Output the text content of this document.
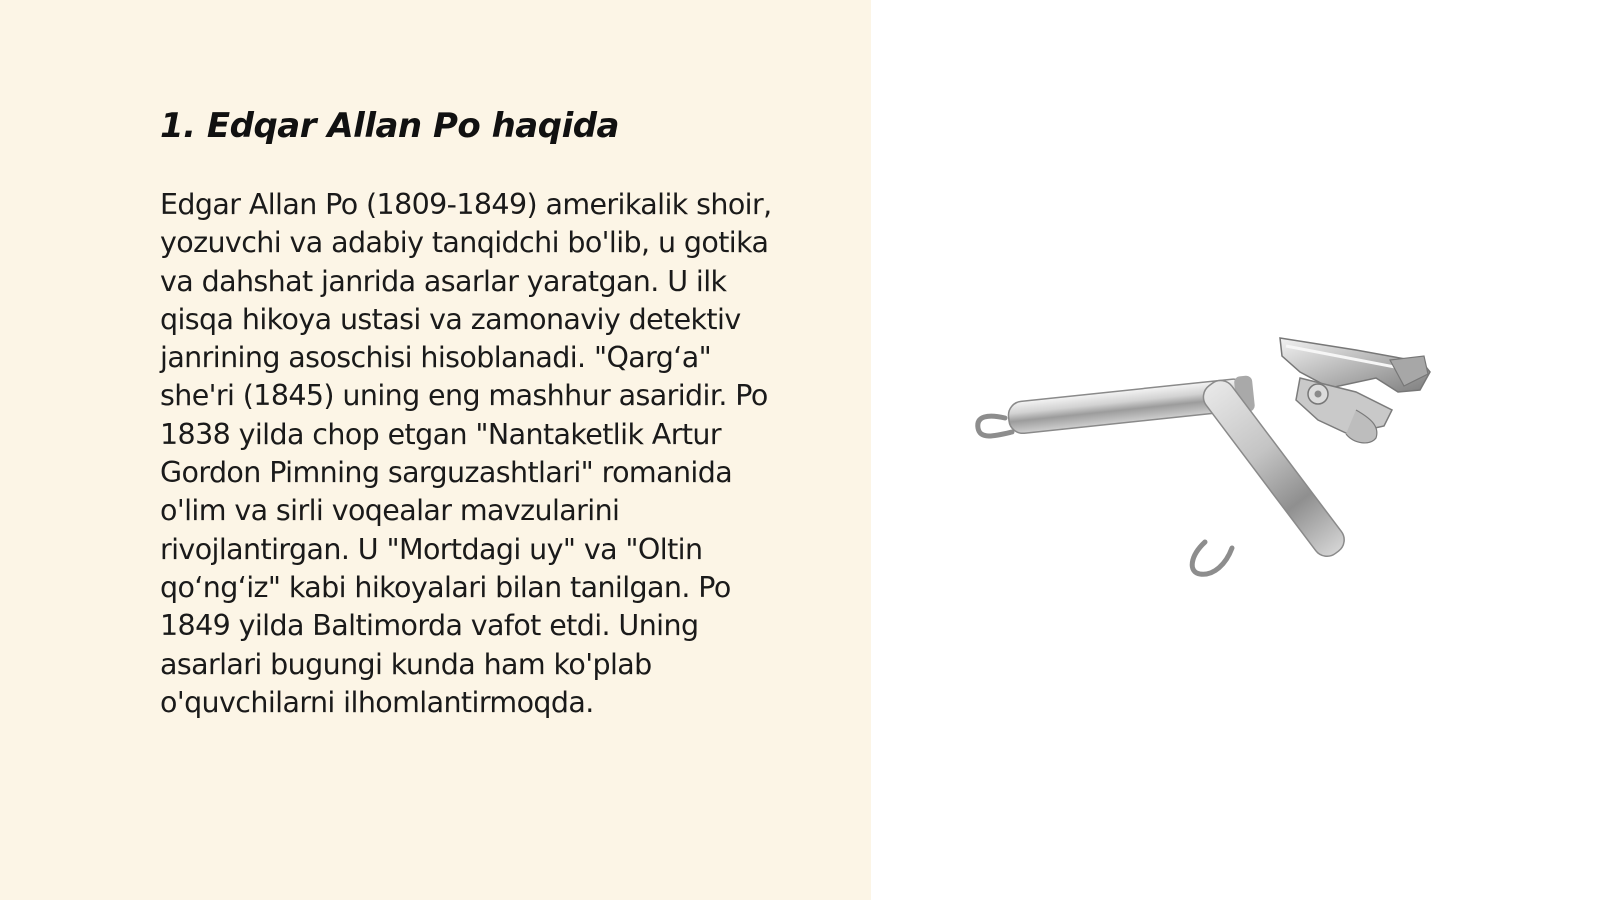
1. Edqar Allan Po haqida

Edgar Allan Po (1809-1849) amerikalik shoir,
yozuvchi va adabiy tanqidchi bo'lib, u gotika
va dahshat janrida asarlar yaratgan. U ilk
qisqa hikoya ustasi va zamonaviy detektiv
janrining asoschisi hisoblanadi. "Qarg‘a"
she'ri (1845) uning eng mashhur asaridir. Po
1838 yilda chop etgan "Nantaketlik Artur
Gordon Pimning sarguzashtlari" romanida
o'lim va sirli voqealar mavzularini
rivojlantirgan. U "Mortdagi uy" va "Oltin
qo‘ng‘iz" kabi hikoyalari bilan tanilgan. Po
1849 yilda Baltimorda vafot etdi. Uning
asarlari bugungi kunda ham ko'plab
o'quvchilarni ilhomlantirmoqda.
